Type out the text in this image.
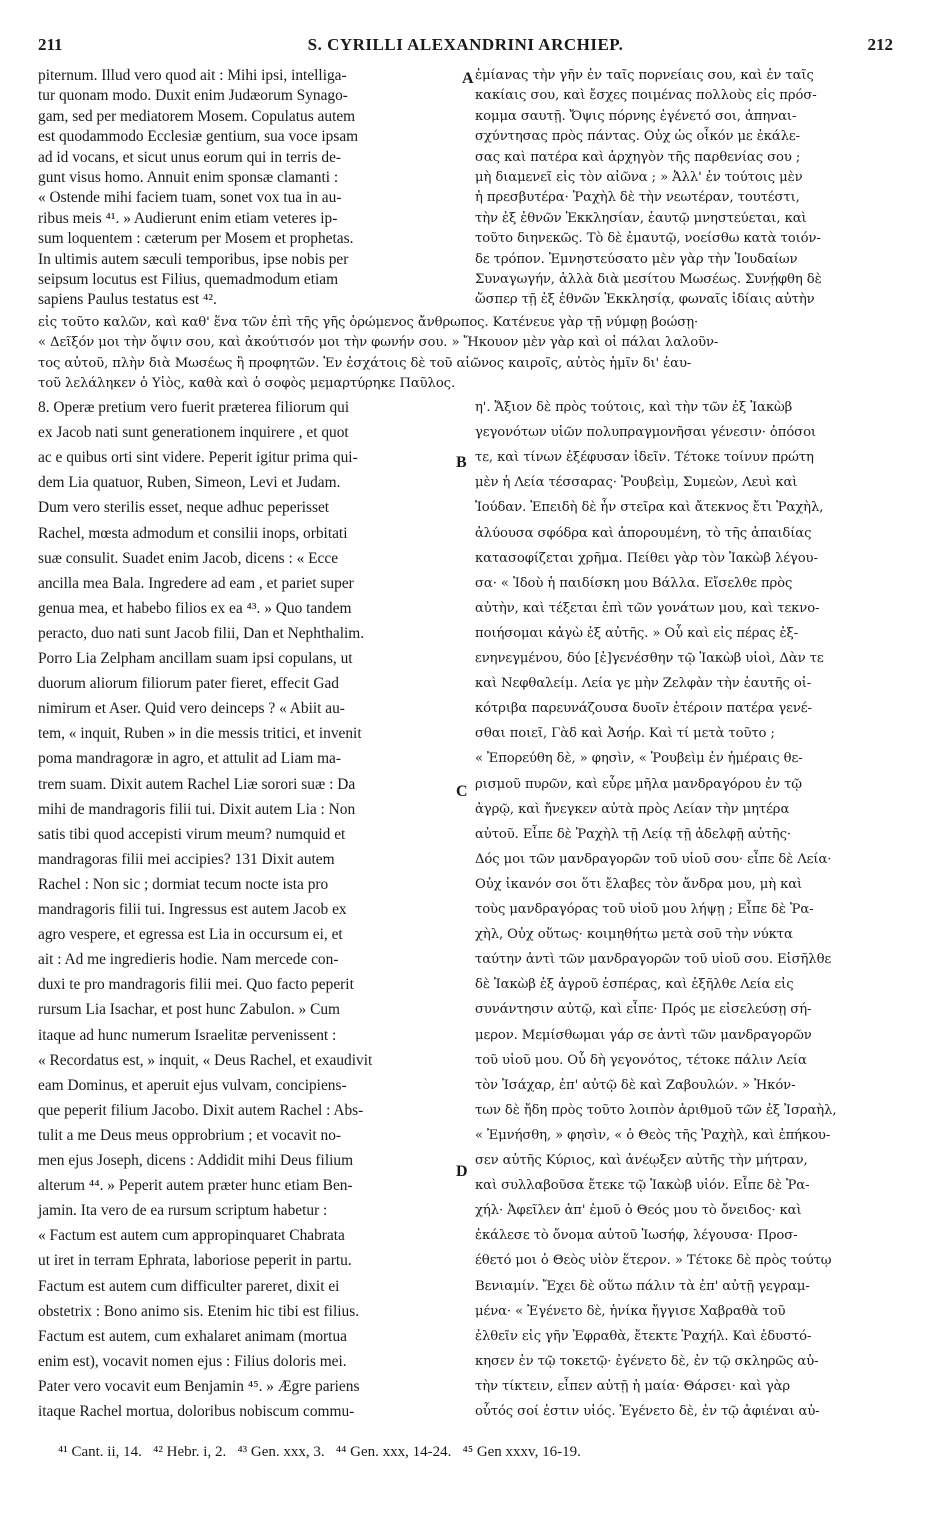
211	S. CYRILLI ALEXANDRINI ARCHIEP.	212
A
B
C
D
piternum. Illud vero quod ait : Mihi ipsi, intelliga-
tur quonam modo. Duxit enim Judæorum Synago-
gam, sed per mediatorem Mosem. Copulatus autem
est quodammodo Ecclesiæ gentium, sua voce ipsam
ad id vocans, et sicut unus eorum qui in terris de-
gunt visus homo. Annuit enim sponsæ clamanti :
« Ostende mihi faciem tuam, sonet vox tua in au-
ribus meis ⁴¹. » Audierunt enim etiam veteres ip-
sum loquentem : cæterum per Mosem et prophetas.
In ultimis autem sæculi temporibus, ipse nobis per
seipsum locutus est Filius, quemadmodum etiam
sapiens Paulus testatus est ⁴².
ἐμίανας τὴν γῆν ἐν ταῖς πορνείαις σου, καὶ ἐν ταῖς
κακίαις σου, καὶ ἔσχες ποιμένας πολλοὺς εἰς πρόσ-
κομμα σαυτῇ. Ὄψις πόρνης ἐγένετό σοι, ἀπηναι-
σχύντησας πρὸς πάντας. Οὐχ ὡς οἶκόν με ἐκάλε-
σας καὶ πατέρα καὶ ἀρχηγὸν τῆς παρθενίας σου ;
μὴ διαμενεῖ εἰς τὸν αἰῶνα ; » Ἀλλ' ἐν τούτοις μὲν
ἡ πρεσβυτέρα· Ῥαχὴλ δὲ τὴν νεωτέραν, τουτέστι,
τὴν ἐξ ἐθνῶν Ἐκκλησίαν, ἑαυτῷ μνηστεύεται, καὶ
τοῦτο διηνεκῶς. Τὸ δὲ ἐμαυτῷ, νοείσθω κατὰ τοιόν-
δε τρόπον. Ἐμνηστεύσατο μὲν γὰρ τὴν Ἰουδαίων
Συναγωγήν, ἀλλὰ διὰ μεσίτου Μωσέως. Συνῄφθη δὲ
ὥσπερ τῇ ἐξ ἐθνῶν Ἐκκλησίᾳ, φωναῖς ἰδίαις αὐτὴν
εἰς τοῦτο καλῶν, καὶ καθ' ἕνα τῶν ἐπὶ τῆς γῆς ὁρώμενος ἄνθρωπος. Κατένευε γὰρ τῇ νύμφῃ βοώσῃ·
« Δεῖξόν μοι τὴν ὄψιν σου, καὶ ἀκούτισόν μοι τὴν φωνήν σου. » Ἤκουον μὲν γὰρ καὶ οἱ πάλαι λαλοῦν-
τος αὐτοῦ, πλὴν διὰ Μωσέως ἢ προφητῶν. Ἐν ἐσχάτοις δὲ τοῦ αἰῶνος καιροῖς, αὐτὸς ἡμῖν δι' ἑαυ-
τοῦ λελάληκεν ὁ Υἱὸς, καθὰ καὶ ὁ σοφὸς μεμαρτύρηκε Παῦλος.
8. Operæ pretium vero fuerit præterea filiorum qui
ex Jacob nati sunt generationem inquirere , et quot
ac e quibus orti sint videre. Peperit igitur prima qui-
dem Lia quatuor, Ruben, Simeon, Levi et Judam.
Dum vero sterilis esset, neque adhuc peperisset
Rachel, mœsta admodum et consilii inops, orbitati
suæ consulit. Suadet enim Jacob, dicens : « Ecce
ancilla mea Bala. Ingredere ad eam , et pariet super
genua mea, et habebo filios ex ea ⁴³. » Quo tandem
peracto, duo nati sunt Jacob filii, Dan et Nephthalim.
Porro Lia Zelpham ancillam suam ipsi copulans, ut
duorum aliorum filiorum pater fieret, effecit Gad
nimirum et Aser. Quid vero deinceps ? « Abiit au-
tem, « inquit, Ruben » in die messis tritici, et invenit
poma mandragoræ in agro, et attulit ad Liam ma-
trem suam. Dixit autem Rachel Liæ sorori suæ : Da
mihi de mandragoris filii tui. Dixit autem Lia : Non
satis tibi quod accepisti virum meum? numquid et
mandragoras filii mei accipies? 131 Dixit autem
Rachel : Non sic ; dormiat tecum nocte ista pro
mandragoris filii tui. Ingressus est autem Jacob ex
agro vespere, et egressa est Lia in occursum ei, et
ait : Ad me ingredieris hodie. Nam mercede con-
duxi te pro mandragoris filii mei. Quo facto peperit
rursum Lia Isachar, et post hunc Zabulon. » Cum
itaque ad hunc numerum Israelitæ pervenissent :
« Recordatus est, » inquit, « Deus Rachel, et exaudivit
eam Dominus, et aperuit ejus vulvam, concipiens-
que peperit filium Jacobo. Dixit autem Rachel : Abs-
tulit a me Deus meus opprobrium ; et vocavit no-
men ejus Joseph, dicens : Addidit mihi Deus filium
alterum ⁴⁴. » Peperit autem præter hunc etiam Ben-
jamin. Ita vero de ea rursum scriptum habetur :
« Factum est autem cum appropinquaret Chabrata
ut iret in terram Ephrata, laboriose peperit in partu.
Factum est autem cum difficulter pareret, dixit ei
obstetrix : Bono animo sis. Etenim hic tibi est filius.
Factum est autem, cum exhalaret animam (mortua
enim est), vocavit nomen ejus : Filius doloris mei.
Pater vero vocavit eum Benjamin ⁴⁵. » Ægre pariens
itaque Rachel mortua, doloribus nobiscum commu-
η'. Ἄξιον δὲ πρὸς τούτοις, καὶ τὴν τῶν ἐξ Ἰακὼβ
γεγονότων υἱῶν πολυπραγμονῆσαι γένεσιν· ὁπόσοι
τε, καὶ τίνων ἐξέφυσαν ἰδεῖν. Τέτοκε τοίνυν πρώτη
μὲν ἡ Λεία τέσσαρας· Ῥουβεὶμ, Συμεὼν, Λευὶ καὶ
Ἰούδαν. Ἐπειδὴ δὲ ἦν στεῖρα καὶ ἄτεκνος ἔτι Ῥαχὴλ,
ἀλύουσα σφόδρα καὶ ἀπορουμένη, τὸ τῆς ἀπαιδίας
κατασοφίζεται χρῆμα. Πείθει γὰρ τὸν Ἰακὼβ λέγου-
σα· « Ἰδοὺ ἡ παιδίσκη μου Βάλλα. Εἴσελθε πρὸς
αὐτὴν, καὶ τέξεται ἐπὶ τῶν γονάτων μου, καὶ τεκνο-
ποιήσομαι κἀγὼ ἐξ αὐτῆς. » Οὗ καὶ εἰς πέρας ἐξ-
ενηνεγμένου, δύο [ἐ]γενέσθην τῷ Ἰακὼβ υἱοὶ, Δὰν τε
καὶ Νεφθαλείμ. Λεία γε μὴν Ζελφὰν τὴν ἑαυτῆς οἰ-
κότριβα παρευνάζουσα δυοῖν ἑτέροιν πατέρα γενέ-
σθαι ποιεῖ, Γὰδ καὶ Ἀσήρ. Καὶ τί μετὰ τοῦτο ;
« Ἐπορεύθη δὲ, » φησὶν, « Ῥουβεὶμ ἐν ἡμέραις θε-
ρισμοῦ πυρῶν, καὶ εὗρε μῆλα μανδραγόρου ἐν τῷ
ἀγρῷ, καὶ ἤνεγκεν αὐτὰ πρὸς Λείαν τὴν μητέρα
αὐτοῦ. Εἶπε δὲ Ῥαχὴλ τῇ Λείᾳ τῇ ἀδελφῇ αὐτῆς·
Δός μοι τῶν μανδραγορῶν τοῦ υἱοῦ σου· εἶπε δὲ Λεία·
Οὐχ ἱκανόν σοι ὅτι ἔλαβες τὸν ἄνδρα μου, μὴ καὶ
τοὺς μανδραγόρας τοῦ υἱοῦ μου λήψῃ ; Εἶπε δὲ Ῥα-
χὴλ, Οὐχ οὕτως· κοιμηθήτω μετὰ σοῦ τὴν νύκτα
ταύτην ἀντὶ τῶν μανδραγορῶν τοῦ υἱοῦ σου. Εἰσῆλθε
δὲ Ἰακὼβ ἐξ ἀγροῦ ἑσπέρας, καὶ ἐξῆλθε Λεία εἰς
συνάντησιν αὐτῷ, καὶ εἶπε· Πρός με εἰσελεύσῃ σή-
μερον. Μεμίσθωμαι γάρ σε ἀντὶ τῶν μανδραγορῶν
τοῦ υἱοῦ μου. Οὗ δὴ γεγονότος, τέτοκε πάλιν Λεία
τὸν Ἰσάχαρ, ἐπ' αὐτῷ δὲ καὶ Ζαβουλών. » Ἠκόν-
των δὲ ἤδη πρὸς τοῦτο λοιπὸν ἀριθμοῦ τῶν ἐξ Ἰσραὴλ,
« Ἐμνήσθη, » φησὶν, « ὁ Θεὸς τῆς Ῥαχὴλ, καὶ ἐπήκου-
σεν αὐτῆς Κύριος, καὶ ἀνέῳξεν αὐτῆς τὴν μήτραν,
καὶ συλλαβοῦσα ἔτεκε τῷ Ἰακὼβ υἱόν. Εἶπε δὲ Ῥα-
χήλ· Ἀφεῖλεν ἀπ' ἐμοῦ ὁ Θεός μου τὸ ὄνειδος· καὶ
ἐκάλεσε τὸ ὄνομα αὐτοῦ Ἰωσήφ, λέγουσα· Προσ-
έθετό μοι ὁ Θεὸς υἱὸν ἕτερον. » Τέτοκε δὲ πρὸς τούτῳ
Βενιαμίν. Ἔχει δὲ οὕτω πάλιν τὰ ἐπ' αὐτῇ γεγραμ-
μένα· « Ἐγένετο δὲ, ἡνίκα ἤγγισε Χαβραθὰ τοῦ
ἐλθεῖν εἰς γῆν Ἐφραθὰ, ἔτεκτε Ῥαχήλ. Καὶ ἐδυστό-
κησεν ἐν τῷ τοκετῷ· ἐγένετο δὲ, ἐν τῷ σκληρῶς αὐ-
τὴν τίκτειν, εἶπεν αὐτῇ ἡ μαία· Θάρσει· καὶ γὰρ
οὗτός σοί ἐστιν υἱός. Ἐγένετο δὲ, ἐν τῷ ἀφιέναι αὐ-
⁴¹ Cant. ii, 14.   ⁴² Hebr. i, 2.   ⁴³ Gen. xxx, 3.   ⁴⁴ Gen. xxx, 14-24.   ⁴⁵ Gen xxxv, 16-19.
